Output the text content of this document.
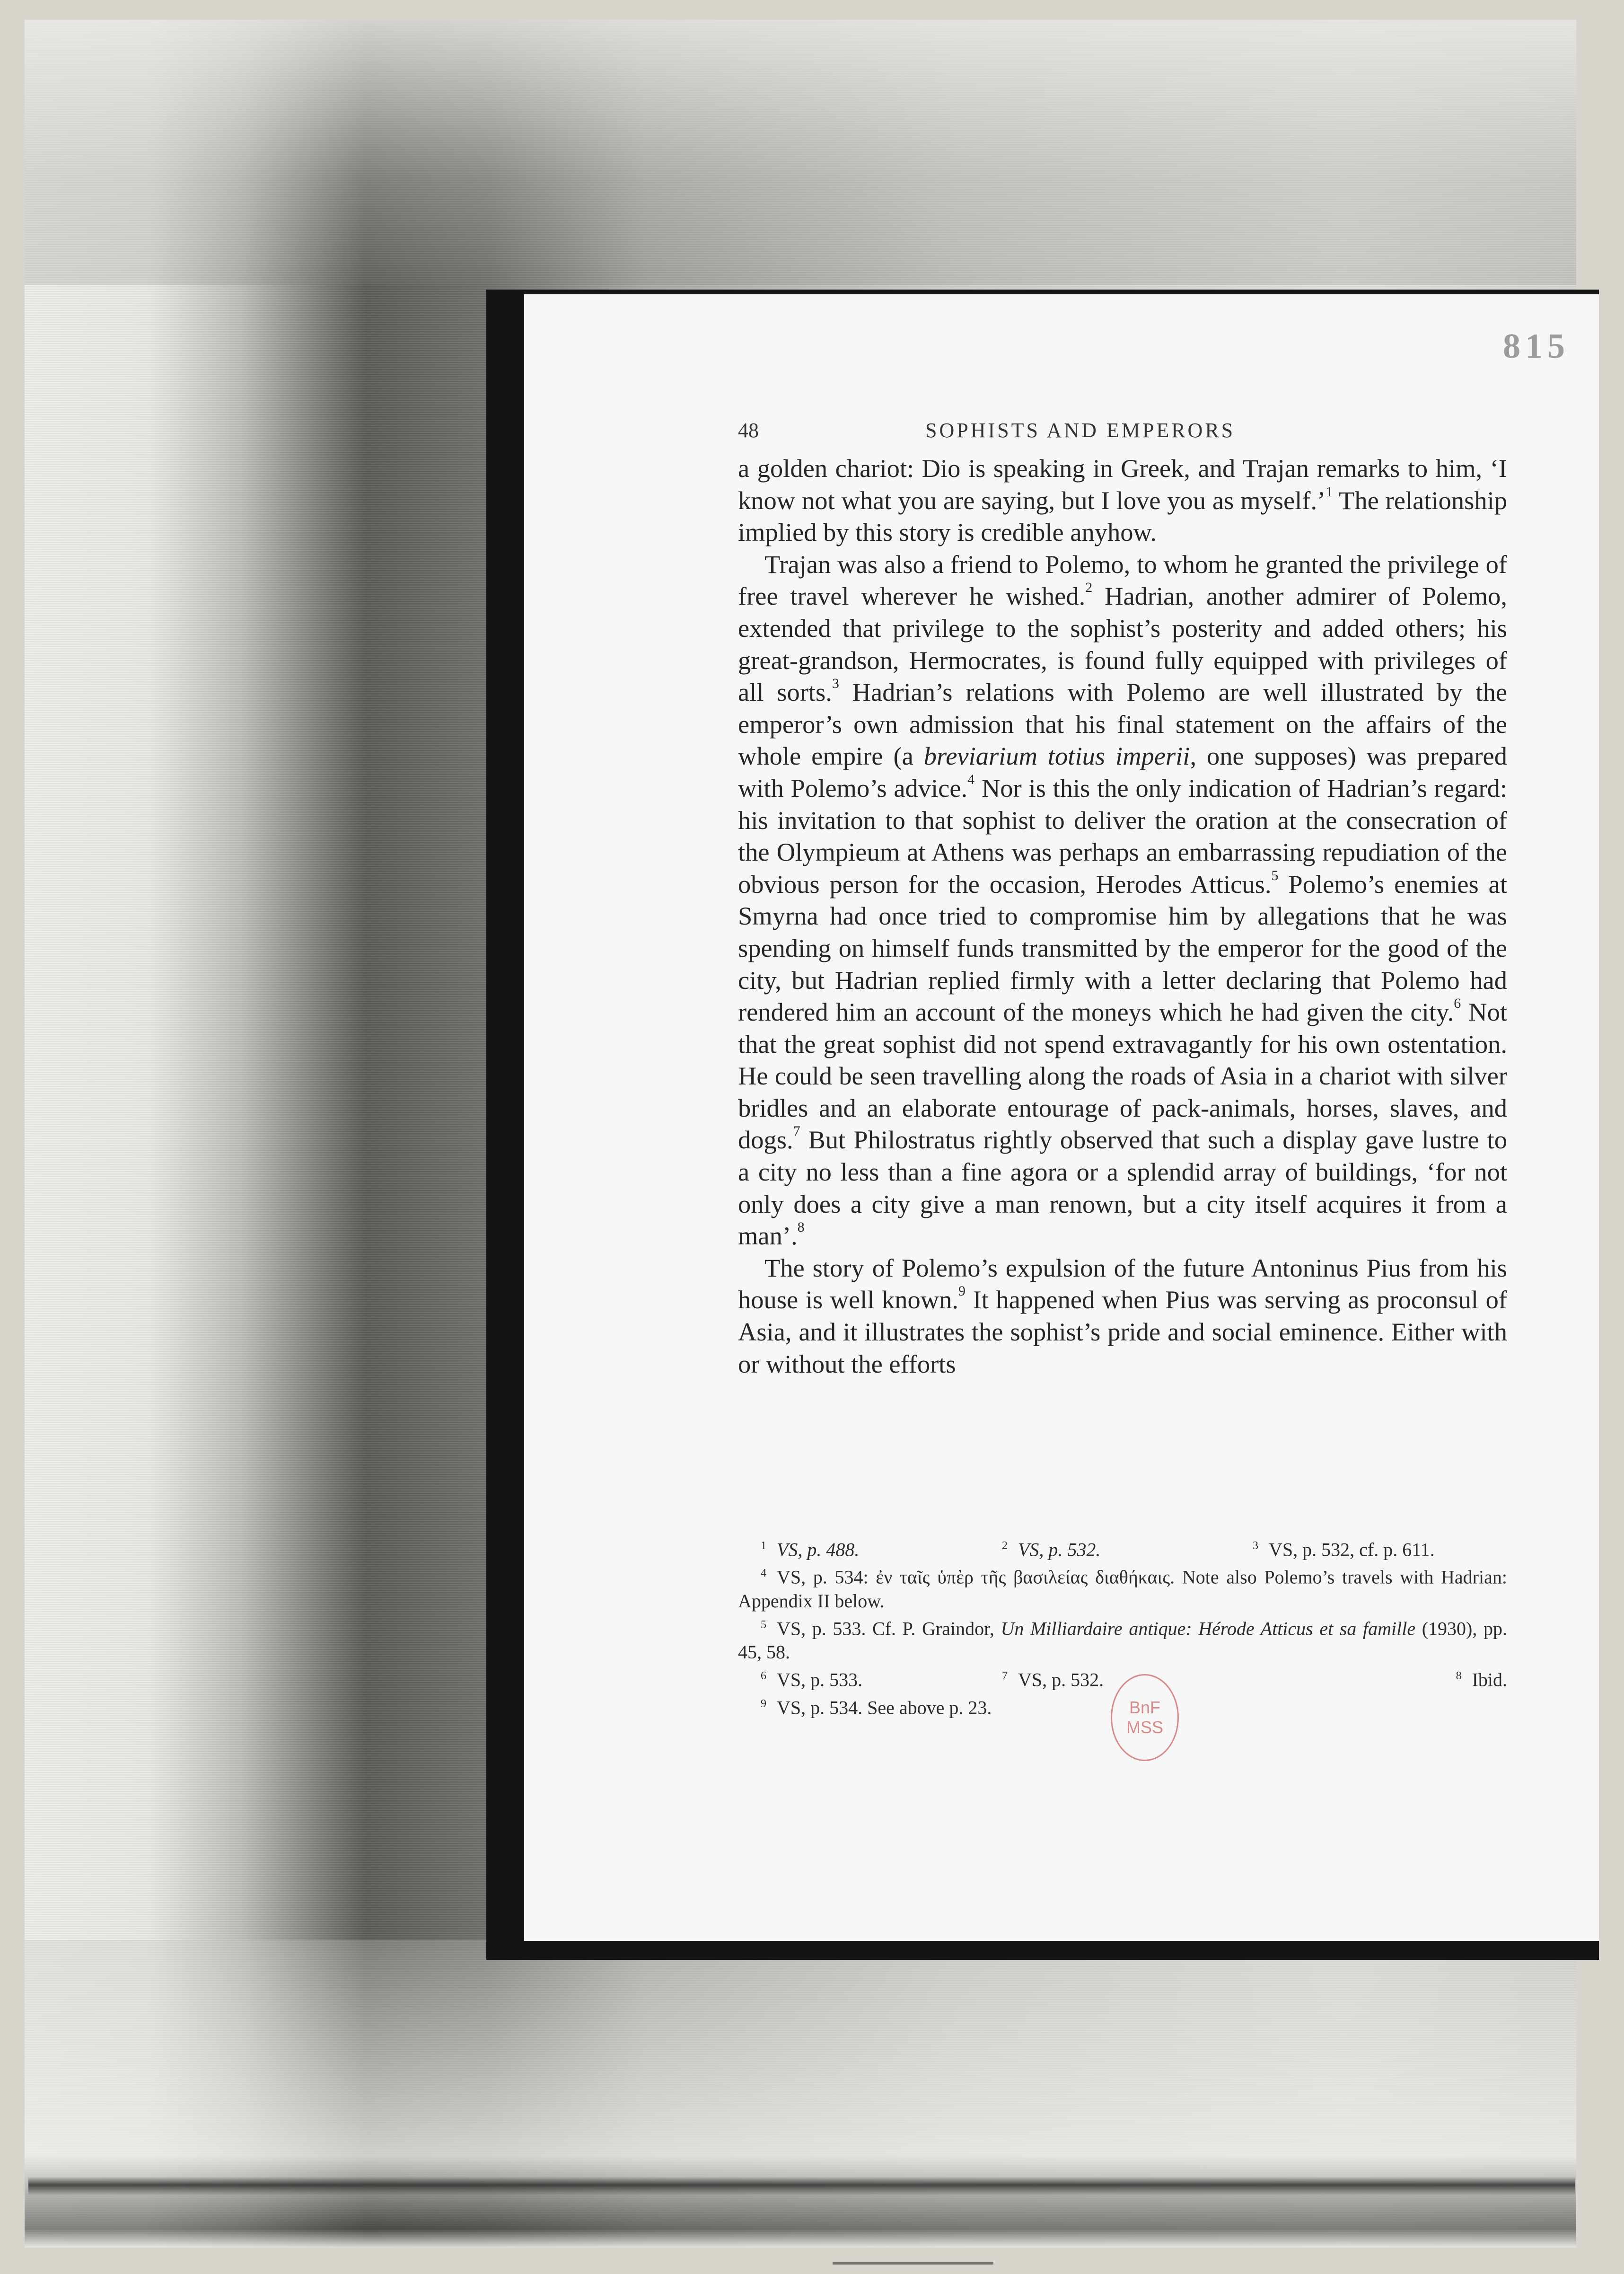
815
48	SOPHISTS AND EMPERORS

a golden chariot: Dio is speaking in Greek, and Trajan remarks to him, ‘I know not what you are saying, but I love you as myself.’$^1$ The relationship implied by this story is credible anyhow.

Trajan was also a friend to Polemo, to whom he granted the privilege of free travel wherever he wished.$^2$ Hadrian, another admirer of Polemo, extended that privilege to the sophist’s posterity and added others; his great-grandson, Hermocrates, is found fully equipped with privileges of all sorts.$^3$ Hadrian’s relations with Polemo are well illustrated by the emperor’s own admission that his final statement on the affairs of the whole empire (a breviarium totius imperii, one supposes) was prepared with Polemo’s advice.$^4$ Nor is this the only indication of Hadrian’s regard: his invitation to that sophist to deliver the oration at the consecration of the Olympieum at Athens was perhaps an embarrassing repudiation of the obvious person for the occasion, Herodes Atticus.$^5$ Polemo’s enemies at Smyrna had once tried to compromise him by allegations that he was spending on himself funds transmitted by the emperor for the good of the city, but Hadrian replied firmly with a letter declaring that Polemo had rendered him an account of the moneys which he had given the city.$^6$ Not that the great sophist did not spend extravagantly for his own ostentation. He could be seen travelling along the roads of Asia in a chariot with silver bridles and an elaborate entourage of pack-animals, horses, slaves, and dogs.$^7$ But Philostratus rightly observed that such a display gave lustre to a city no less than a fine agora or a splendid array of buildings, ‘for not only does a city give a man renown, but a city itself acquires it from a man’.$^8$

The story of Polemo’s expulsion of the future Antoninus Pius from his house is well known.$^9$ It happened when Pius was serving as proconsul of Asia, and it illustrates the sophist’s pride and social eminence. Either with or without the efforts

$^1$ VS, p. 488.	$^2$ VS, p. 532.	$^3$ VS, p. 532, cf. p. 611.
$^4$ VS, p. 534: ἐν ταῖς ὑπὲρ τῆς βασιλείας διαθήκαις. Note also Polemo’s travels with Hadrian: Appendix II below.
$^5$ VS, p. 533. Cf. P. Graindor, Un Milliardaire antique: Hérode Atticus et sa famille (1930), pp. 45, 58.
$^6$ VS, p. 533.	$^7$ VS, p. 532.	$^8$ Ibid.
$^9$ VS, p. 534. See above p. 23.	BnF
MSS
